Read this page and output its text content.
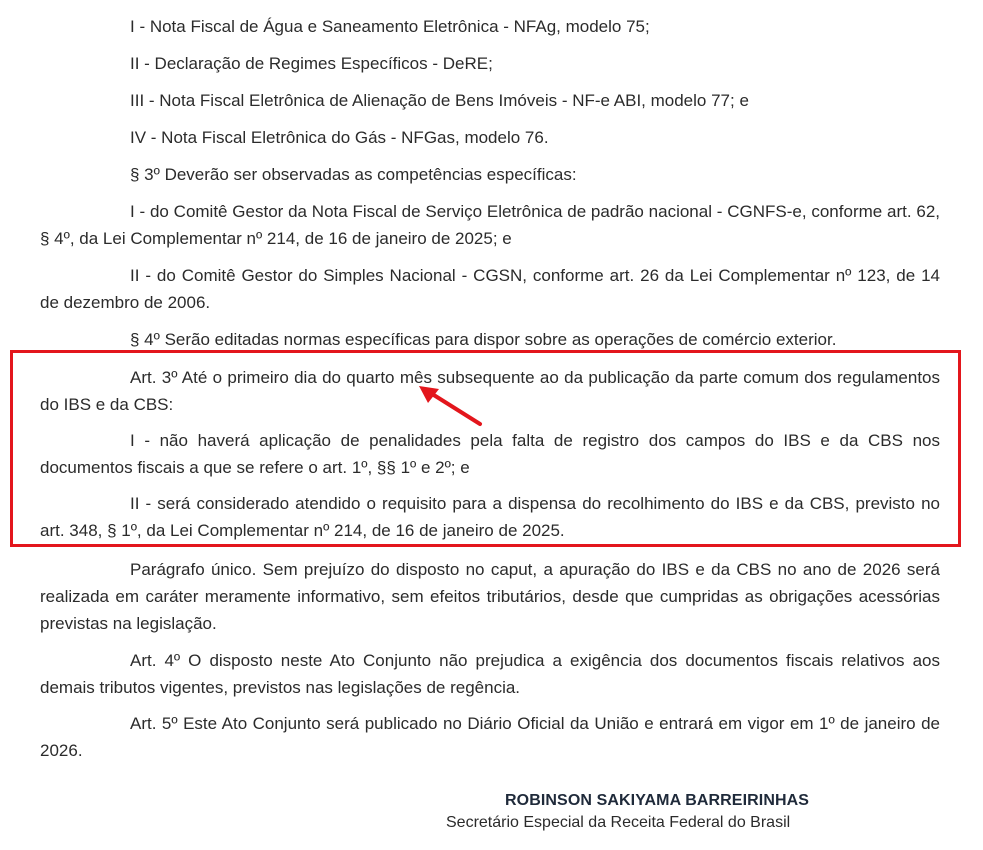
I - Nota Fiscal de Água e Saneamento Eletrônica - NFAg, modelo 75;

II - Declaração de Regimes Específicos - DeRE;

III - Nota Fiscal Eletrônica de Alienação de Bens Imóveis - NF-e ABI, modelo 77; e

IV - Nota Fiscal Eletrônica do Gás - NFGas, modelo 76.

§ 3º Deverão ser observadas as competências específicas:

I - do Comitê Gestor da Nota Fiscal de Serviço Eletrônica de padrão nacional - CGNFS-e, conforme art. 62, § 4º, da Lei Complementar nº 214, de 16 de janeiro de 2025; e

II - do Comitê Gestor do Simples Nacional - CGSN, conforme art. 26 da Lei Complementar nº 123, de 14 de dezembro de 2006.

§ 4º Serão editadas normas específicas para dispor sobre as operações de comércio exterior.

Art. 3º Até o primeiro dia do quarto mês subsequente ao da publicação da parte comum dos regulamentos do IBS e da CBS:

I - não haverá aplicação de penalidades pela falta de registro dos campos do IBS e da CBS nos documentos fiscais a que se refere o art. 1º, §§ 1º e 2º; e

II - será considerado atendido o requisito para a dispensa do recolhimento do IBS e da CBS, previsto no art. 348, § 1º, da Lei Complementar nº 214, de 16 de janeiro de 2025.

Parágrafo único. Sem prejuízo do disposto no caput, a apuração do IBS e da CBS no ano de 2026 será realizada em caráter meramente informativo, sem efeitos tributários, desde que cumpridas as obrigações acessórias previstas na legislação.

Art. 4º O disposto neste Ato Conjunto não prejudica a exigência dos documentos fiscais relativos aos demais tributos vigentes, previstos nas legislações de regência.

Art. 5º Este Ato Conjunto será publicado no Diário Oficial da União e entrará em vigor em 1º de janeiro de 2026.

ROBINSON SAKIYAMA BARREIRINHAS
Secretário Especial da Receita Federal do Brasil
